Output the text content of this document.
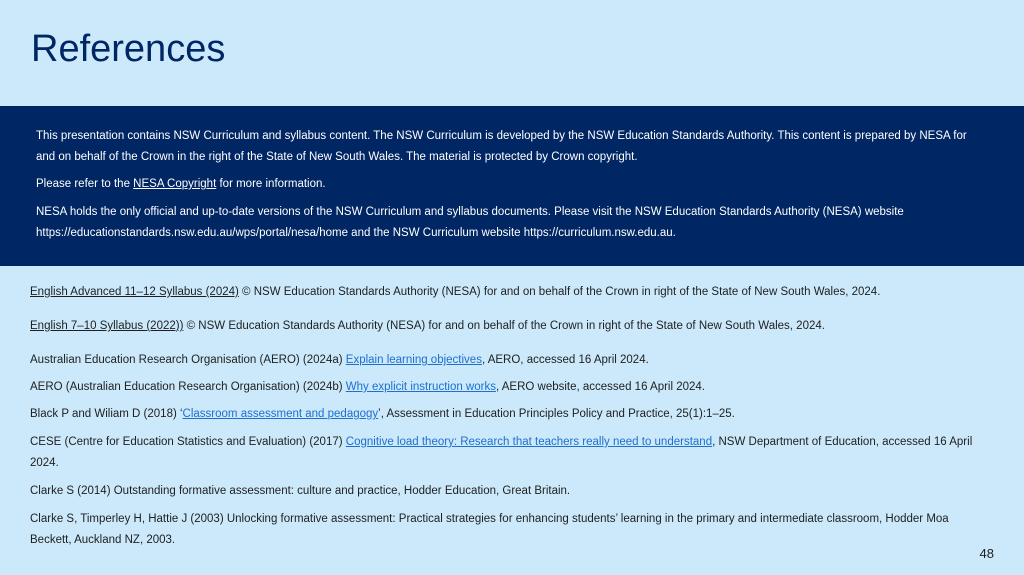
References

This presentation contains NSW Curriculum and syllabus content. The NSW Curriculum is developed by the NSW Education Standards Authority. This content is prepared by NESA for and on behalf of the Crown in the right of the State of New South Wales. The material is protected by Crown copyright.

Please refer to the NESA Copyright for more information.

NESA holds the only official and up-to-date versions of the NSW Curriculum and syllabus documents. Please visit the NSW Education Standards Authority (NESA) website https://educationstandards.nsw.edu.au/wps/portal/nesa/home and the NSW Curriculum website https://curriculum.nsw.edu.au.

English Advanced 11–12 Syllabus (2024) © NSW Education Standards Authority (NESA) for and on behalf of the Crown in right of the State of New South Wales, 2024.

English 7–10 Syllabus (2022)) © NSW Education Standards Authority (NESA) for and on behalf of the Crown in right of the State of New South Wales, 2024.

Australian Education Research Organisation (AERO) (2024a) Explain learning objectives, AERO, accessed 16 April 2024.

AERO (Australian Education Research Organisation) (2024b) Why explicit instruction works, AERO website, accessed 16 April 2024.

Black P and Wiliam D (2018) ‘Classroom assessment and pedagogy’, Assessment in Education Principles Policy and Practice, 25(1):1–25.

CESE (Centre for Education Statistics and Evaluation) (2017) Cognitive load theory: Research that teachers really need to understand, NSW Department of Education, accessed 16 April 2024.

Clarke S (2014) Outstanding formative assessment: culture and practice, Hodder Education, Great Britain.

Clarke S, Timperley H, Hattie J (2003) Unlocking formative assessment: Practical strategies for enhancing students’ learning in the primary and intermediate classroom, Hodder Moa Beckett, Auckland NZ, 2003.

48
